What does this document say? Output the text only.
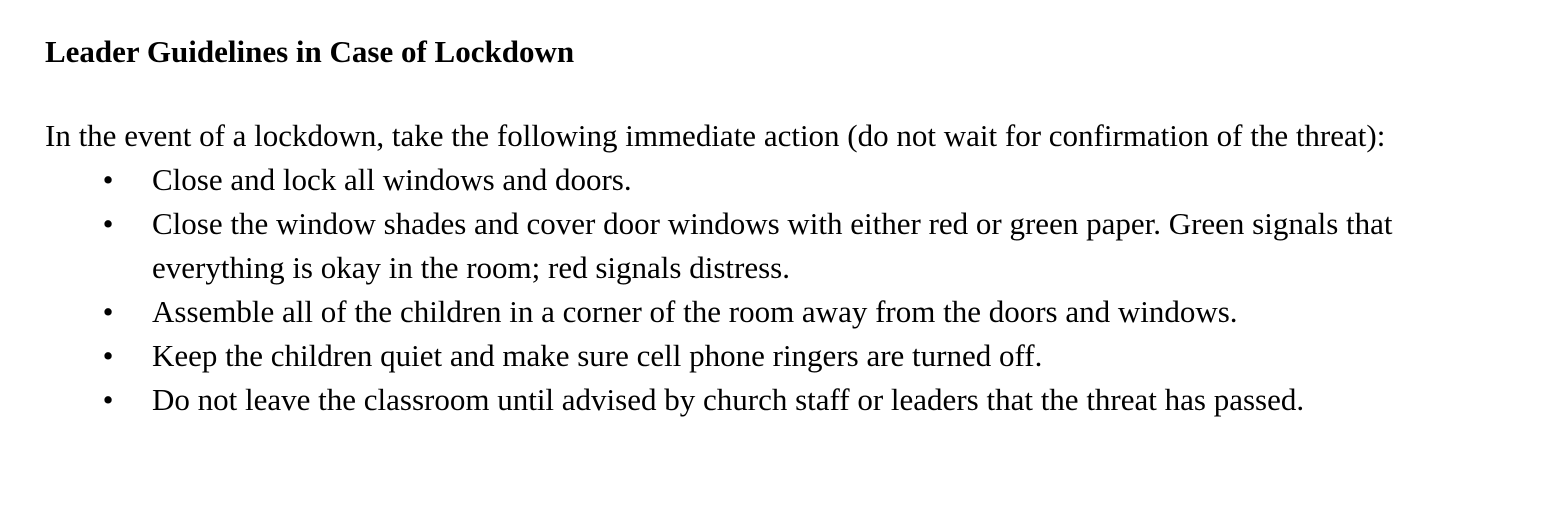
Leader Guidelines in Case of Lockdown

In the event of a lockdown, take the following immediate action (do not wait for confirmation of the threat):

• Close and lock all windows and doors.
• Close the window shades and cover door windows with either red or green paper. Green signals that everything is okay in the room; red signals distress.
• Assemble all of the children in a corner of the room away from the doors and windows.
• Keep the children quiet and make sure cell phone ringers are turned off.
• Do not leave the classroom until advised by church staff or leaders that the threat has passed.
